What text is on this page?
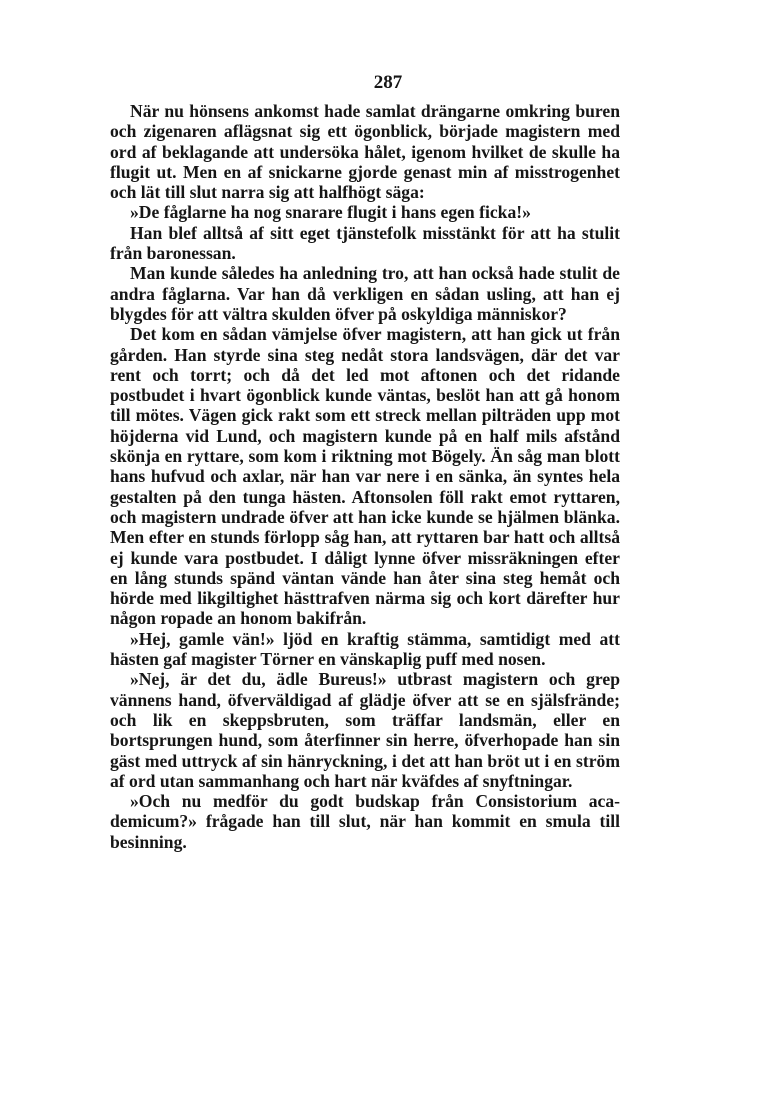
287

När nu hönsens ankomst hade samlat drängarne omkring buren och zigenaren aflägsnat sig ett ögonblick, började magistern med ord af beklagande att undersöka hålet, igenom hvilket de skulle ha flugit ut. Men en af snickarne gjorde genast min af misstrogenhet och lät till slut narra sig att halfhögt säga:

»De fåglarne ha nog snarare flugit i hans egen ficka!»

Han blef alltså af sitt eget tjänstefolk misstänkt för att ha stulit från baronessan.

Man kunde således ha anledning tro, att han också hade stulit de andra fåglarna. Var han då verkligen en sådan usling, att han ej blygdes för att vältra skulden öfver på oskyldiga människor?

Det kom en sådan vämjelse öfver magistern, att han gick ut från gården. Han styrde sina steg nedåt stora landsvägen, där det var rent och torrt; och då det led mot aftonen och det ridande postbudet i hvart ögonblick kunde väntas, beslöt han att gå honom till mötes. Vägen gick rakt som ett streck mellan pilträden upp mot höjderna vid Lund, och magistern kunde på en half mils afstånd skönja en ryttare, som kom i riktning mot Bögely. Än såg man blott hans hufvud och axlar, när han var nere i en sänka, än syntes hela gestalten på den tunga hästen. Aftonsolen föll rakt emot ryttaren, och magistern undrade öfver att han icke kunde se hjälmen blänka. Men efter en stunds förlopp såg han, att ryttaren bar hatt och alltså ej kunde vara postbudet. I dåligt lynne öfver missräkningen efter en lång stunds spänd väntan vände han åter sina steg hemåt och hörde med likgiltighet hästtrafven närma sig och kort därefter hur någon ropade an honom bakifrån.

»Hej, gamle vän!» ljöd en kraftig stämma, samtidigt med att hästen gaf magister Törner en vänskaplig puff med nosen.

»Nej, är det du, ädle Bureus!» utbrast magistern och grep vännens hand, öfverväldigad af glädje öfver att se en själsfrände; och lik en skeppsbruten, som träffar landsmän, eller en bortsprungen hund, som återfinner sin herre, öfverhopade han sin gäst med uttryck af sin hänryckning, i det att han bröt ut i en ström af ord utan sammanhang och hart när kväfdes af snyftningar.

»Och nu medför du godt budskap från Consistorium academicum?» frågade han till slut, när han kommit en smula till besinning.
